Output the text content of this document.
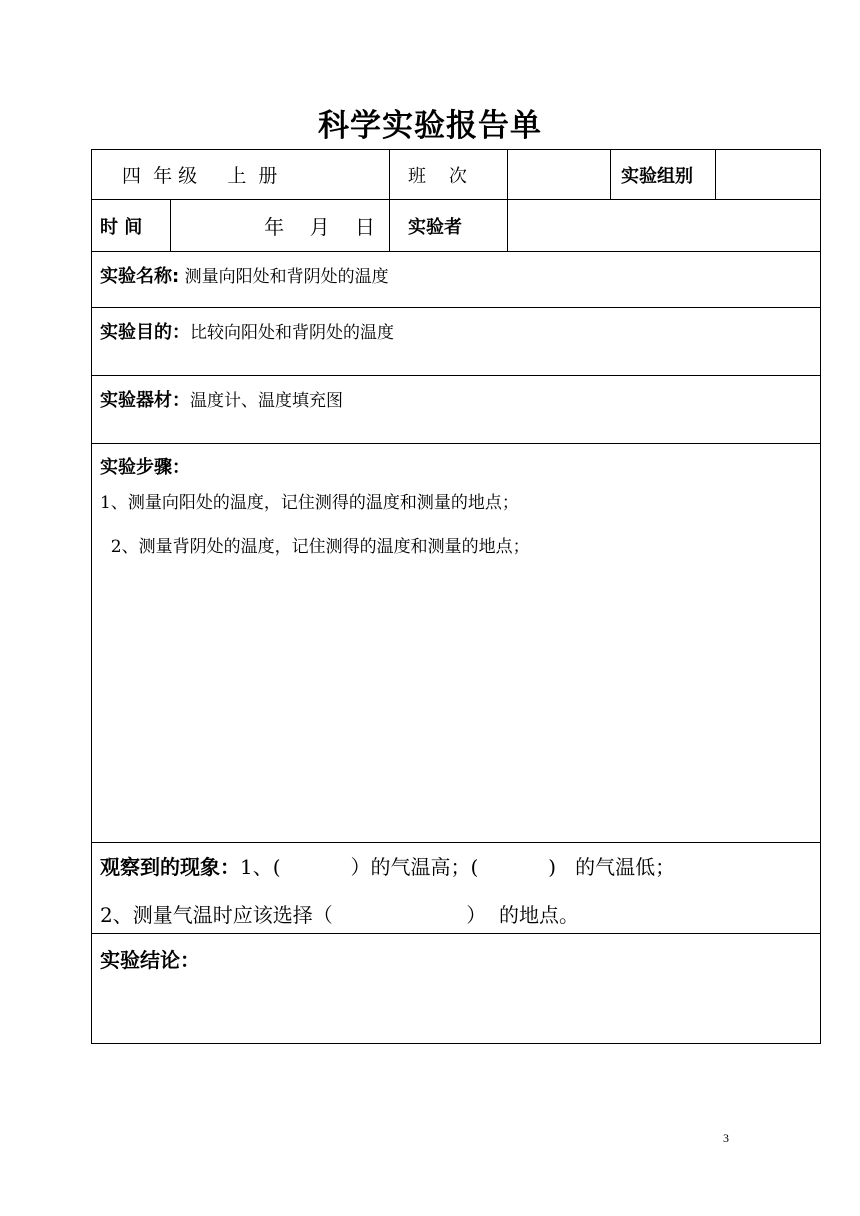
科学实验报告单
四  年 级     上  册		班    次		实验组别	
时 间	年    月    日	实验者			
实验名称: 测量向阳处和背阴处的温度					
实验目的：比较向阳处和背阴处的温度					
实验器材：温度计、温度填充图					

实验步骤：

1、测量向阳处的温度，记住测得的温度和测量的地点；

2、测量背阴处的温度，记住测得的温度和测量的地点；					

观察到的现象：1、(           ）的气温高；(           )   的气温低；
2、测量气温时应该选择（                     ）  的地点。					

实验结论：					
3
